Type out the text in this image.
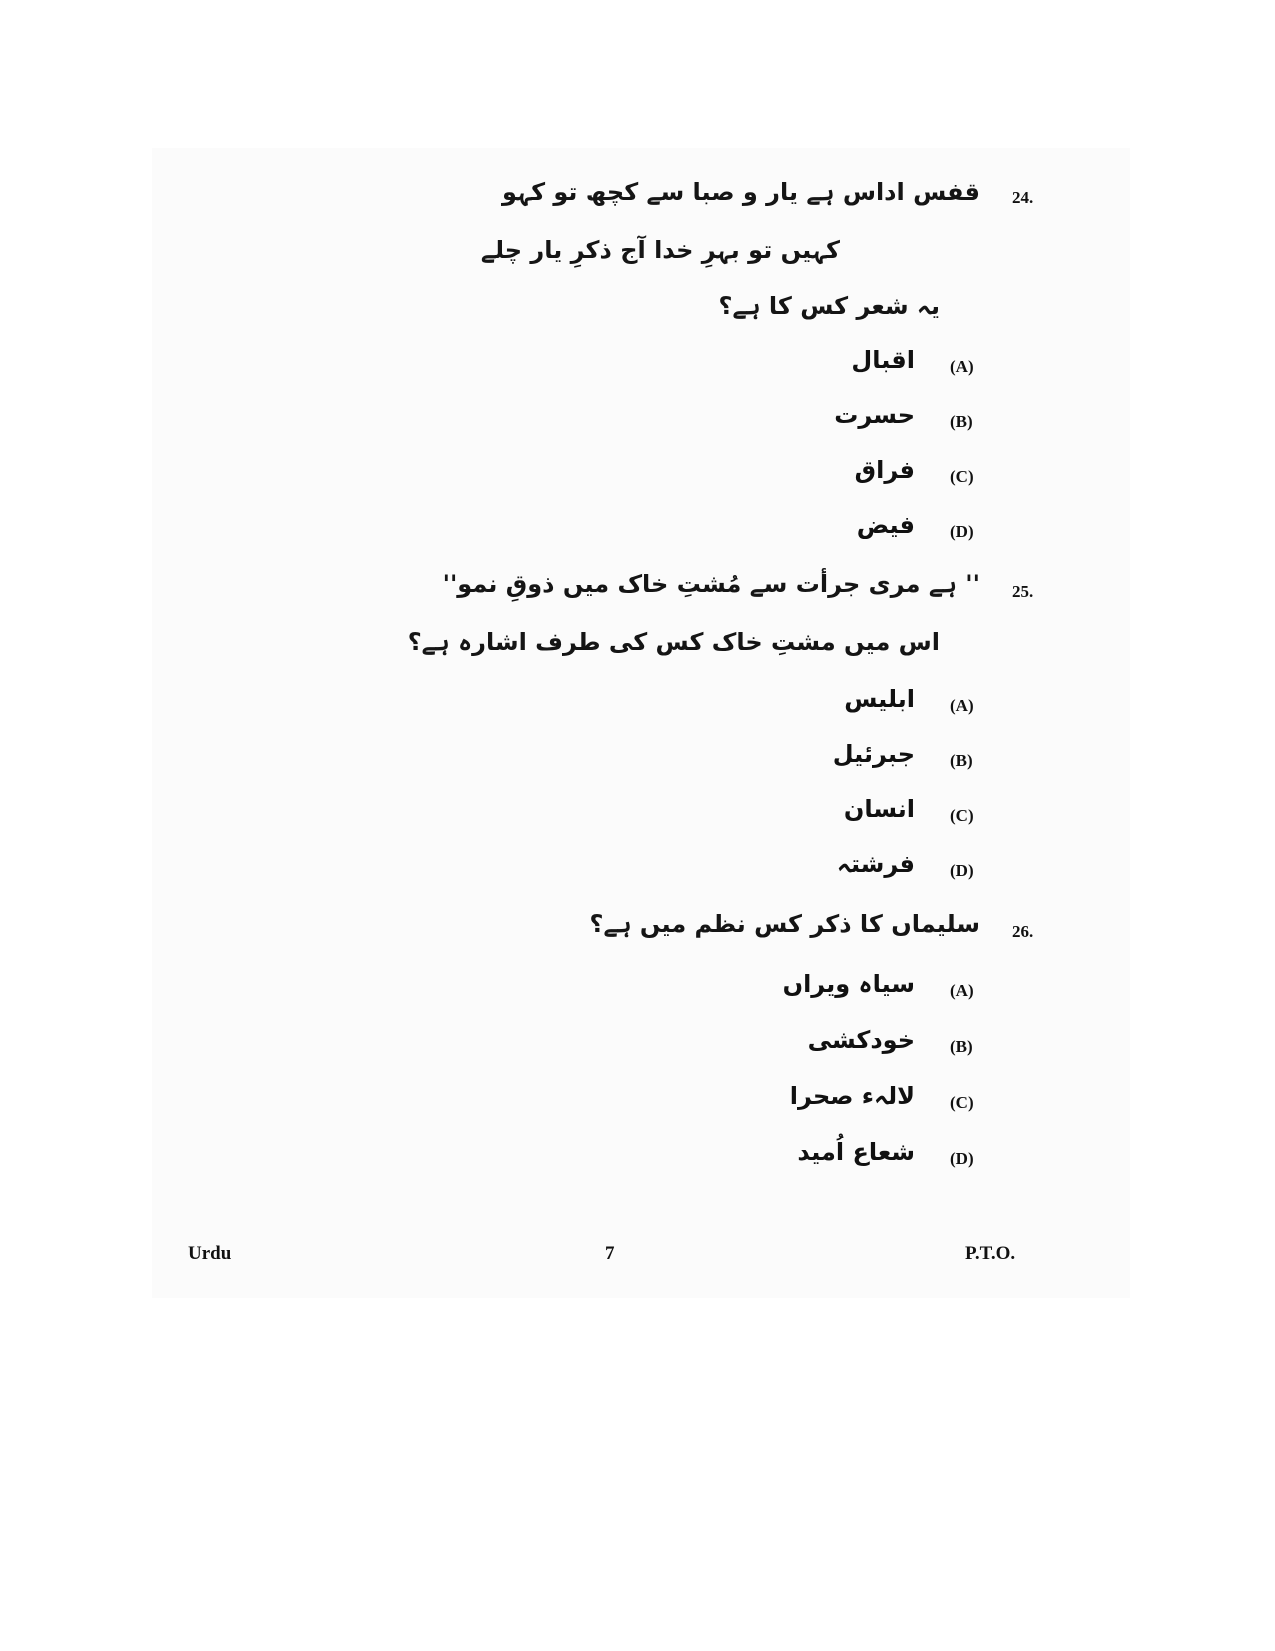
24.
قفس اداس ہے یار و صبا سے کچھ تو کہو
کہیں تو بہرِ خدا آج ذکرِ یار چلے
یہ شعر کس کا ہے؟
(A)
اقبال
(B)
حسرت
(C)
فراق
(D)
فیض
25.
'' ہے مری جرأت سے مُشتِ خاک میں ذوقِ نمو''
اس میں مشتِ خاک کس کی طرف اشارہ ہے؟
(A)
ابلیس
(B)
جبرئیل
(C)
انسان
(D)
فرشتہ
26.
سلیماں کا ذکر کس نظم میں ہے؟
(A)
سیاہ ویراں
(B)
خودکشی
(C)
لالہء صحرا
(D)
شعاع اُمید
Urdu	7	P.T.O.
